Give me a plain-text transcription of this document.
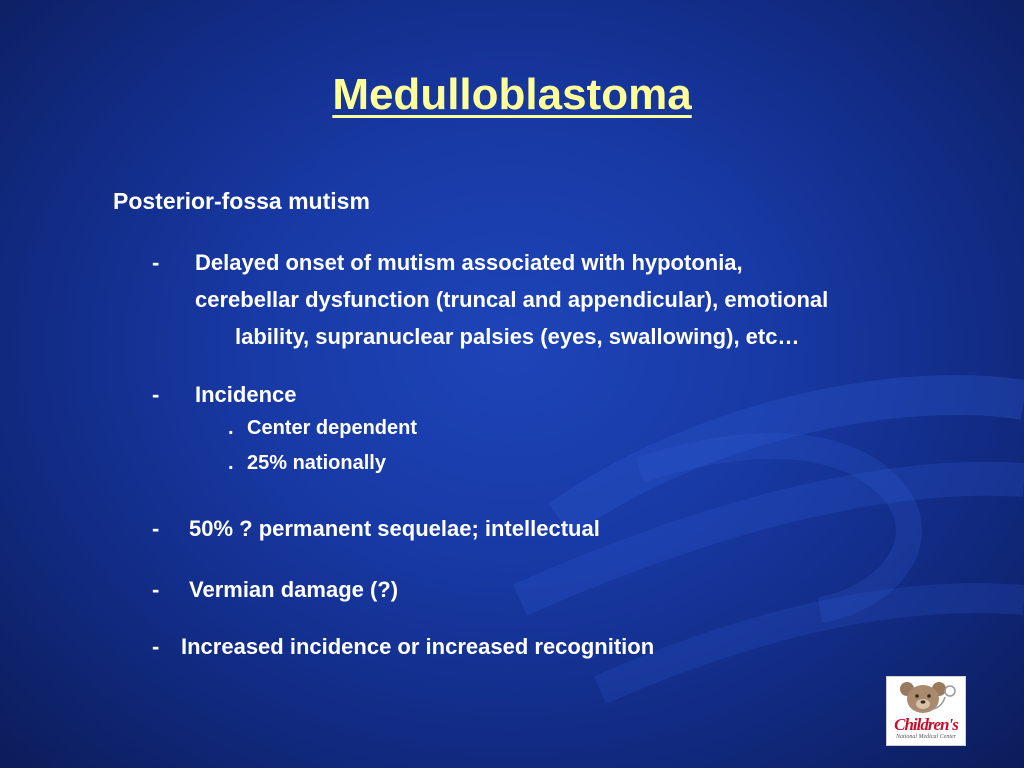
Medulloblastoma
Posterior-fossa mutism
- Delayed onset of mutism associated with hypotonia,
cerebellar dysfunction (truncal and appendicular), emotional
lability, supranuclear palsies (eyes, swallowing), etc…
- Incidence
. Center dependent
. 25% nationally
- 50% ? permanent sequelae; intellectual
- Vermian damage (?)
- Increased incidence or increased recognition
Children's
National Medical Center
